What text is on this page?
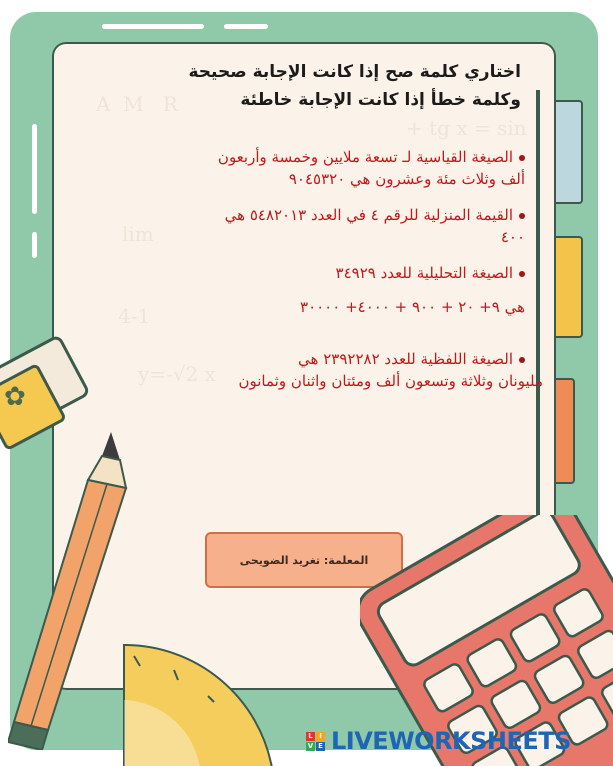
A  M   R
lim
4-1
y=-√2 x
+ tg x = sin
اختاري كلمة صح إذا كانت الإجابة صحيحة
وكلمة خطأ إذا كانت الإجابة خاطئة
الصيغة القياسية لـ تسعة ملايين وخمسة وأربعون
ألف وثلاث مئة وعشرون هي ٩٠٤٥٣٢٠
القيمة المنزلية للرقم ٤ في العدد ٥٤٨٢٠١٣ هي
٤٠٠
الصيغة التحليلية للعدد ٣٤٩٢٩
هي ٩+ ٢٠ + ٩٠٠ + ٤٠٠٠+ ٣٠٠٠٠
الصيغة اللفظية للعدد ٢٣٩٢٢٨٢ هي
مليونان وثلاثة وتسعون ألف ومئتان واثنان وثمانون
المعلمة: تغريد الضويحى
✿
L I
V E LIVEWORKSHEETS
